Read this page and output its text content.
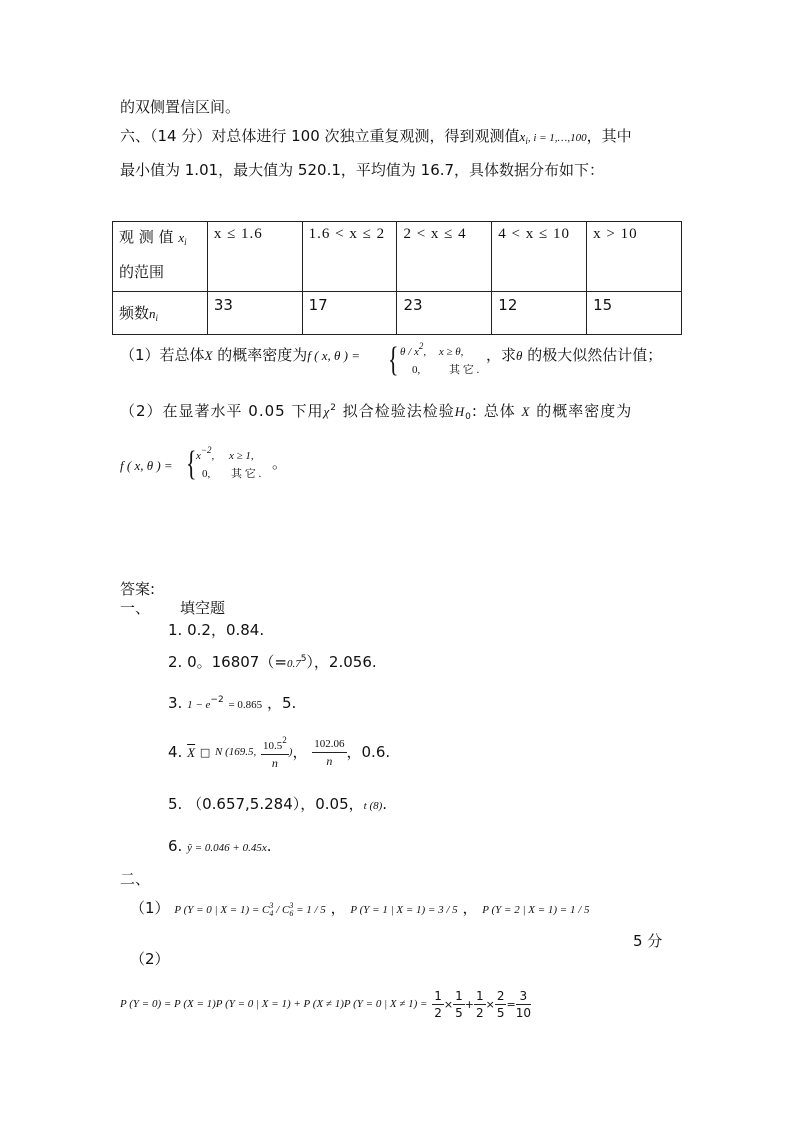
的双侧置信区间。
六、（14 分）对总体进行 100 次独立重复观测，得到观测值$x_i$, i = 1,…,100，其中
最小值为 1.01，最大值为 520.1，平均值为 16.7，具体数据分布如下：
观 测 值 $x_i$
的范围	x ≤ 1.6	1.6 < x ≤ 2	2 < x ≤ 4	4 < x ≤ 10	x > 10
频数$n_i$	33	17	23	12	15
（1）若总体X 的概率密度为f ( x, θ ) = { θ / $x^2$, x ≥ θ,
0,	其 它 .
，求θ 的极大似然估计值；
（2）在显著水平 0.05 下用$\chi^2$ 拟合检验法检验$H_0$: 总体 X 的概率密度为
f ( x, θ ) = { $x^{-2}$, x ≥ 1,
0, 其 它 .
。
答案:
一、 填空题
1. 0.2，0.84.
2. 0。$16807(=0.7^5)$，2.056.
3. $1 - e^{-2} = 0.865$ ，5.
4. $\overline{X}$ □ N (169.5, $\frac{10.5^2}{n}$ )， $\frac{102.06}{n}$ ，0.6.
5. （0.657,5.284），0.05，t (8).
6. ŷ = 0.046 + 0.45x.
二、
（1） P (Y = 0 | X = 1) = C3
4 / C3
6 = 1 / 5 ， P (Y = 1 | X = 1) = 3 / 5 ， P (Y = 2 | X = 1) = 1 / 5
5 分
（2）
P (Y = 0) = P (X = 1)P (Y = 0 | X = 1) + P (X ≠ 1)P (Y = 0 | $X \ne 1) = \frac{1}{2} \times \frac{1}{5} + \frac{1}{2} \times \frac{2}{5} = \frac{3}{10}$
